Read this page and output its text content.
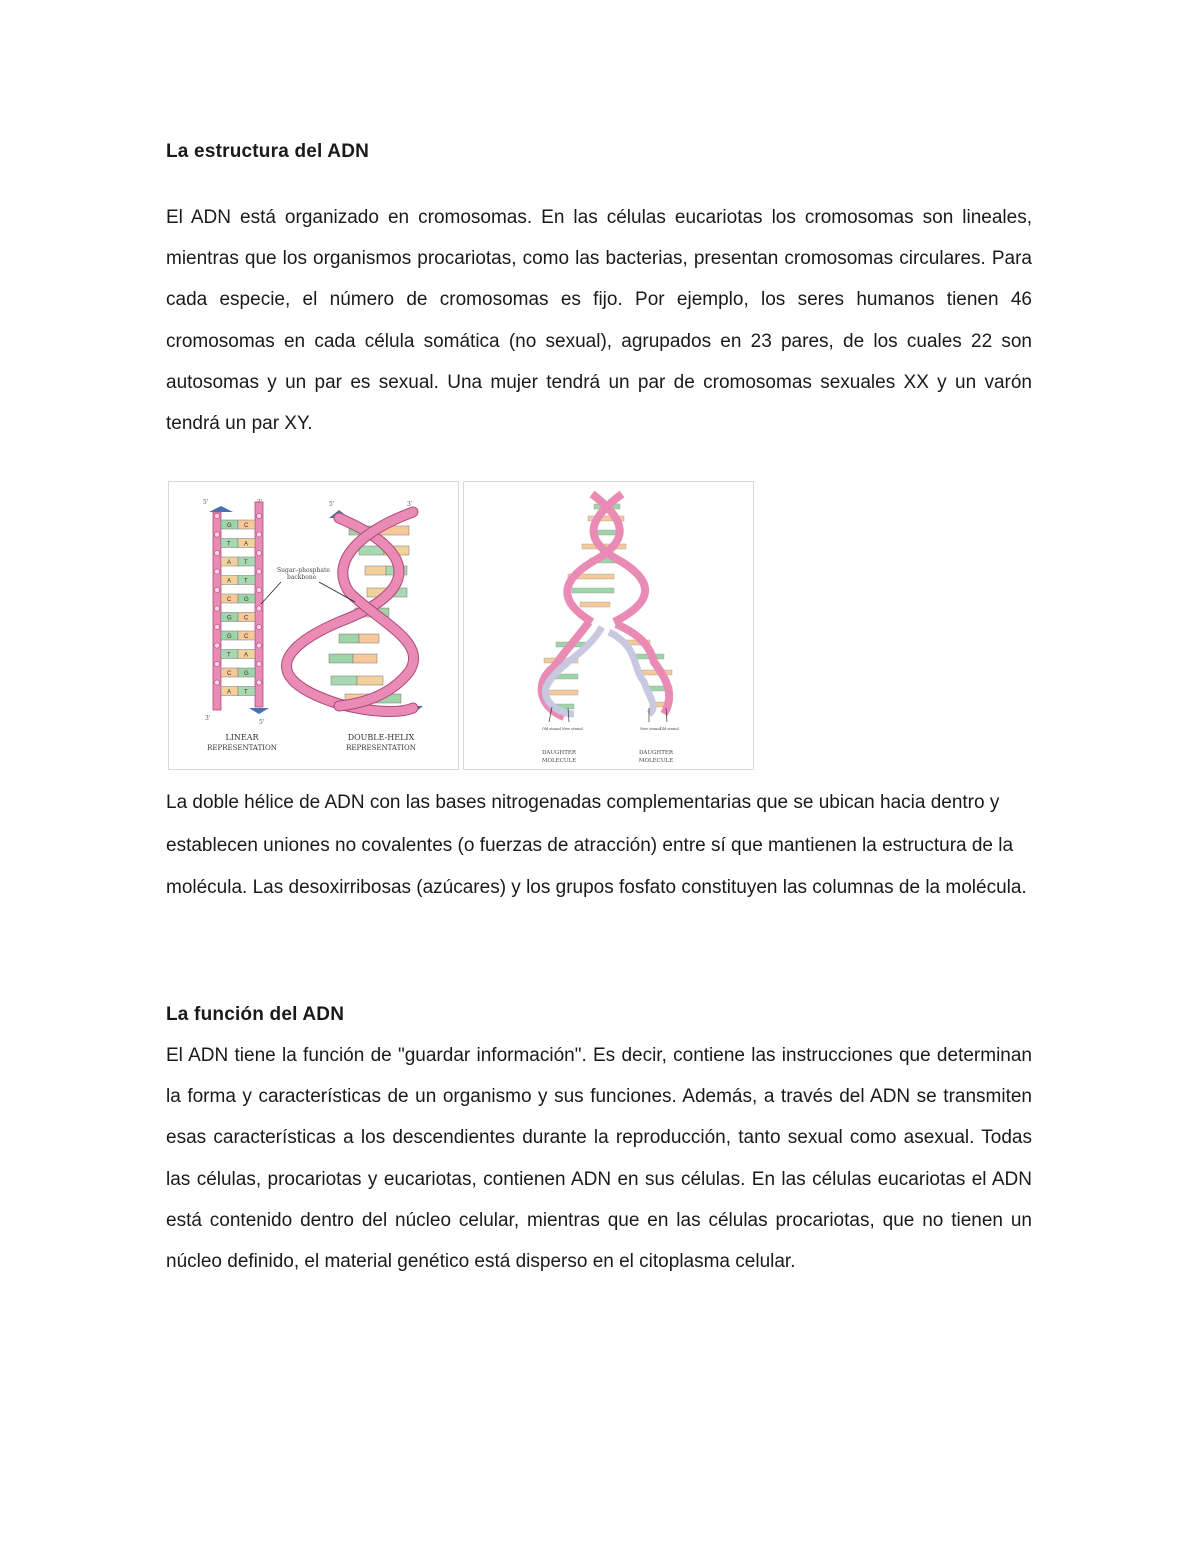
La estructura del ADN
El ADN está organizado en cromosomas. En las células eucariotas los cromosomas son lineales, mientras que los organismos procariotas, como las bacterias, presentan cromosomas circulares. Para cada especie, el número de cromosomas es fijo. Por ejemplo, los seres humanos tienen 46 cromosomas en cada célula somática (no sexual), agrupados en 23 pares, de los cuales 22 son autosomas y un par es sexual. Una mujer tendrá un par de cromosomas sexuales XX y un varón tendrá un par XY.
5'
3'
5'
G C
T A
A T
A T
C G
G C
G C
T A
C G
A T
5'	3'
Sugar–phosphate
backbone
LINEAR
REPRESENTATION
DOUBLE-HELIX
REPRESENTATION
Old strand New strand	New strand Old strand
DAUGHTER
MOLECULE
DAUGHTER
MOLECULE
La doble hélice de ADN con las bases nitrogenadas complementarias que se ubican hacia dentro y establecen uniones no covalentes (o fuerzas de atracción) entre sí que mantienen la estructura de la molécula. Las desoxirribosas (azúcares) y los grupos fosfato constituyen las columnas de la molécula.
La función del ADN
El ADN tiene la función de "guardar información". Es decir, contiene las instrucciones que determinan la forma y características de un organismo y sus funciones. Además, a través del ADN se transmiten esas características a los descendientes durante la reproducción, tanto sexual como asexual. Todas las células, procariotas y eucariotas, contienen ADN en sus células. En las células eucariotas el ADN está contenido dentro del núcleo celular, mientras que en las células procariotas, que no tienen un núcleo definido, el material genético está disperso en el citoplasma celular.
